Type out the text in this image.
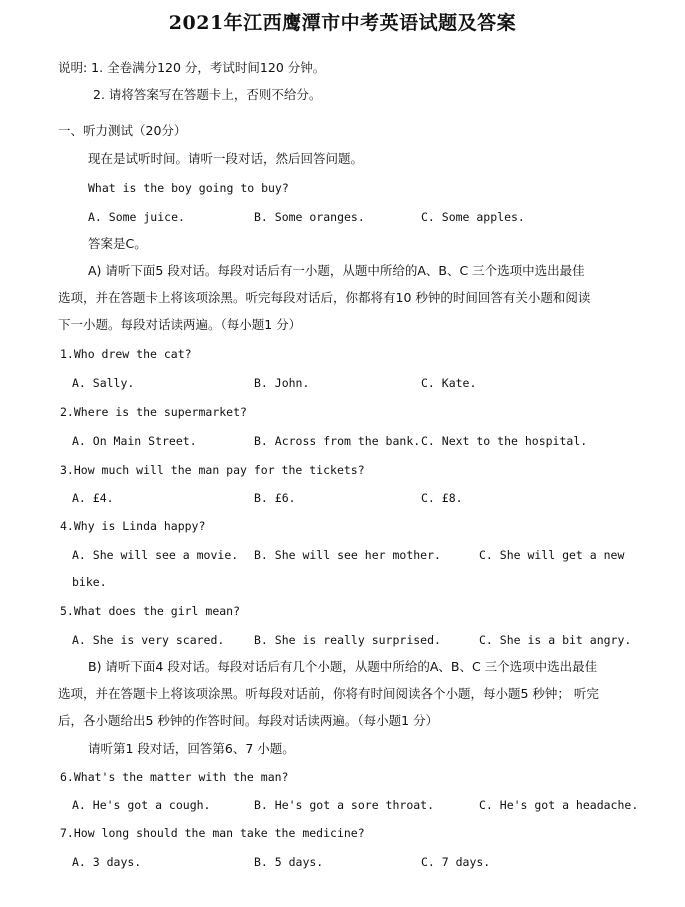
2021年江西鹰潭市中考英语试题及答案
说明: 1. 全卷满分120 分，考试时间120 分钟。
2. 请将答案写在答题卡上，否则不给分。
一、听力测试（20分）
现在是试听时间。请听一段对话，然后回答问题。
What is the boy going to buy?
A. Some juice.	B. Some oranges.	C. Some apples.
答案是C。
A) 请听下面5 段对话。每段对话后有一小题，从题中所给的A、B、C 三个选项中选出最佳
选项，并在答题卡上将该项涂黑。听完每段对话后，你都将有10 秒钟的时间回答有关小题和阅读
下一小题。每段对话读两遍。（每小题1 分）
1.Who drew the cat?
A. Sally.	B. John.	C. Kate.
2.Where is the supermarket?
A. On Main Street.	B. Across from the bank. C. Next to the hospital.
3.How much will the man pay for the tickets?
A. £4.	B. £6.	C. £8.
4.Why is Linda happy?
A. She will see a movie. B. She will see her mother.	C. She will get a new
bike.
5.What does the girl mean?
A. She is very scared.	B. She is really surprised.	C. She is a bit angry.
B) 请听下面4 段对话。每段对话后有几个小题，从题中所给的A、B、C 三个选项中选出最佳
选项，并在答题卡上将该项涂黑。听每段对话前，你将有时间阅读各个小题，每小题5 秒钟； 听完
后，各小题给出5 秒钟的作答时间。每段对话读两遍。（每小题1 分）
请听第1 段对话，回答第6、7 小题。
6.What's the matter with the man?
A. He's got a cough.	B. He's got a sore throat.	C. He's got a headache.
7.How long should the man take the medicine?
A. 3 days.	B. 5 days.	C. 7 days.
